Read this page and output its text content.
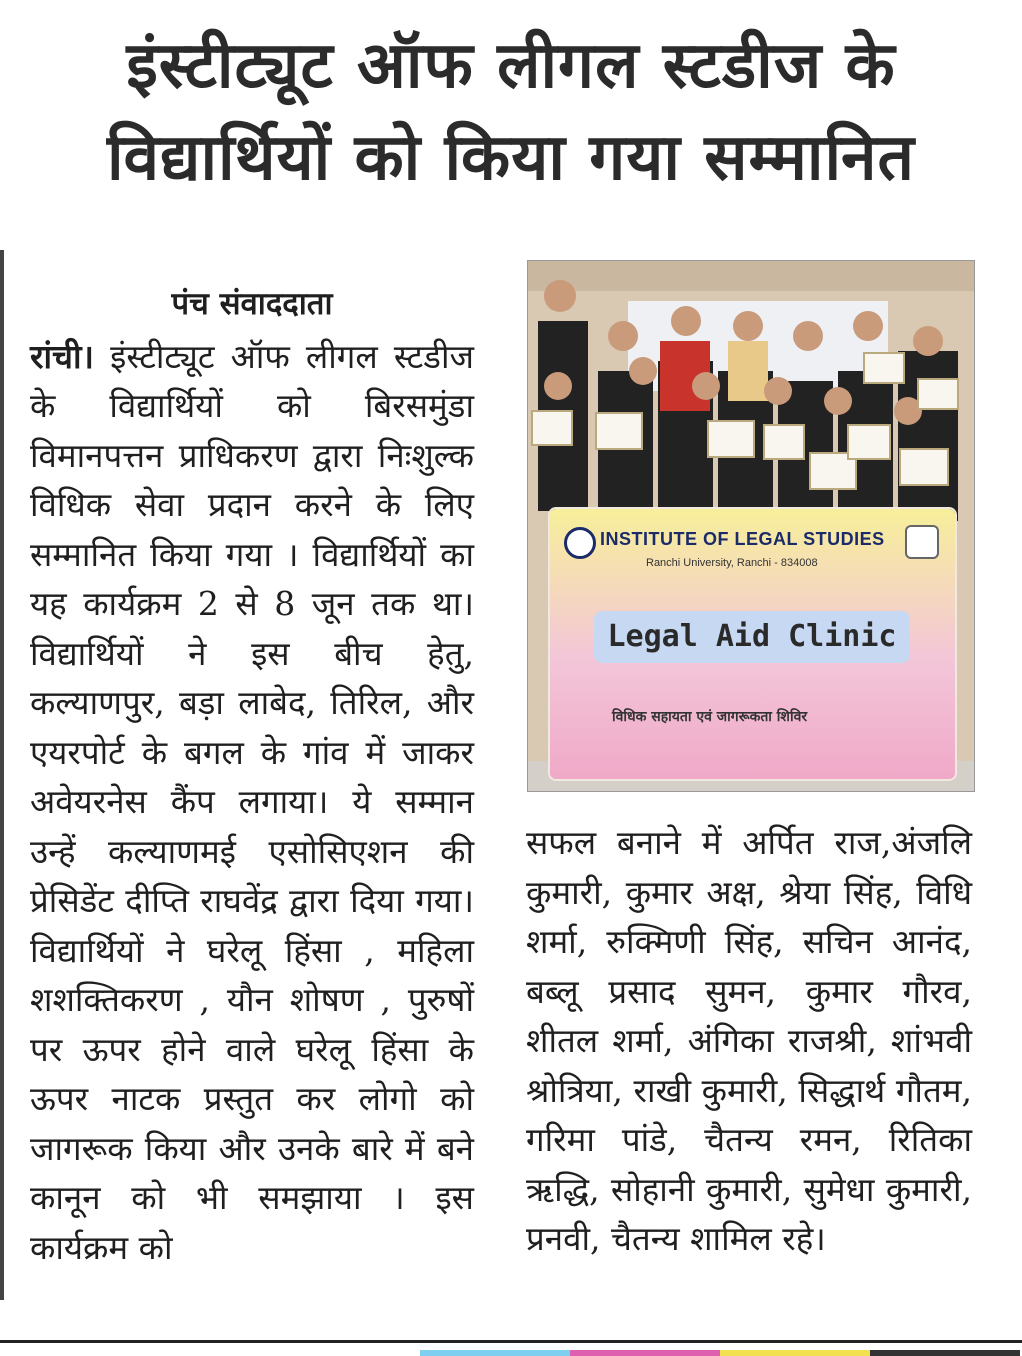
इंस्टीट्यूट ऑफ लीगल स्टडीज के
विद्यार्थियों को किया गया सम्मानित
पंच संवाददाता
रांची। इंस्टीट्यूट ऑफ लीगल स्टडीज के विद्यार्थियों को बिरसमुंडा विमानपत्तन प्राधिकरण द्वारा निःशुल्क विधिक सेवा प्रदान करने के लिए सम्मानित किया गया । विद्यार्थियों का यह कार्यक्रम 2 से 8 जून तक था। विद्यार्थियों ने इस बीच हेतु, कल्याणपुर, बड़ा लाबेद, तिरिल, और एयरपोर्ट के बगल के गांव में जाकर अवेयरनेस कैंप लगाया। ये सम्मान उन्हें कल्याणमई एसोसिएशन की प्रेसिडेंट दीप्ति राघवेंद्र द्वारा दिया गया। विद्यार्थियों ने घरेलू हिंसा , महिला शशक्तिकरण , यौन शोषण , पुरुषों पर ऊपर होने वाले घरेलू हिंसा के ऊपर नाटक प्रस्तुत कर लोगो को जागरूक किया और उनके बारे में बने कानून को भी समझाया । इस कार्यक्रम को
INSTITUTE OF LEGAL STUDIES
Ranchi University, Ranchi - 834008
Legal Aid Clinic
विधिक सहायता एवं जागरूकता शिविर
सफल बनाने में अर्पित राज,अंजलि कुमारी, कुमार अक्ष, श्रेया सिंह, विधि शर्मा, रुक्मिणी सिंह, सचिन आनंद, बब्लू प्रसाद सुमन, कुमार गौरव, शीतल शर्मा, अंगिका राजश्री, शांभवी श्रोत्रिया, राखी कुमारी, सिद्धार्थ गौतम, गरिमा पांडे, चैतन्य रमन, रितिका ऋद्धि, सोहानी कुमारी, सुमेधा कुमारी, प्रनवी, चैतन्य शामिल रहे।
